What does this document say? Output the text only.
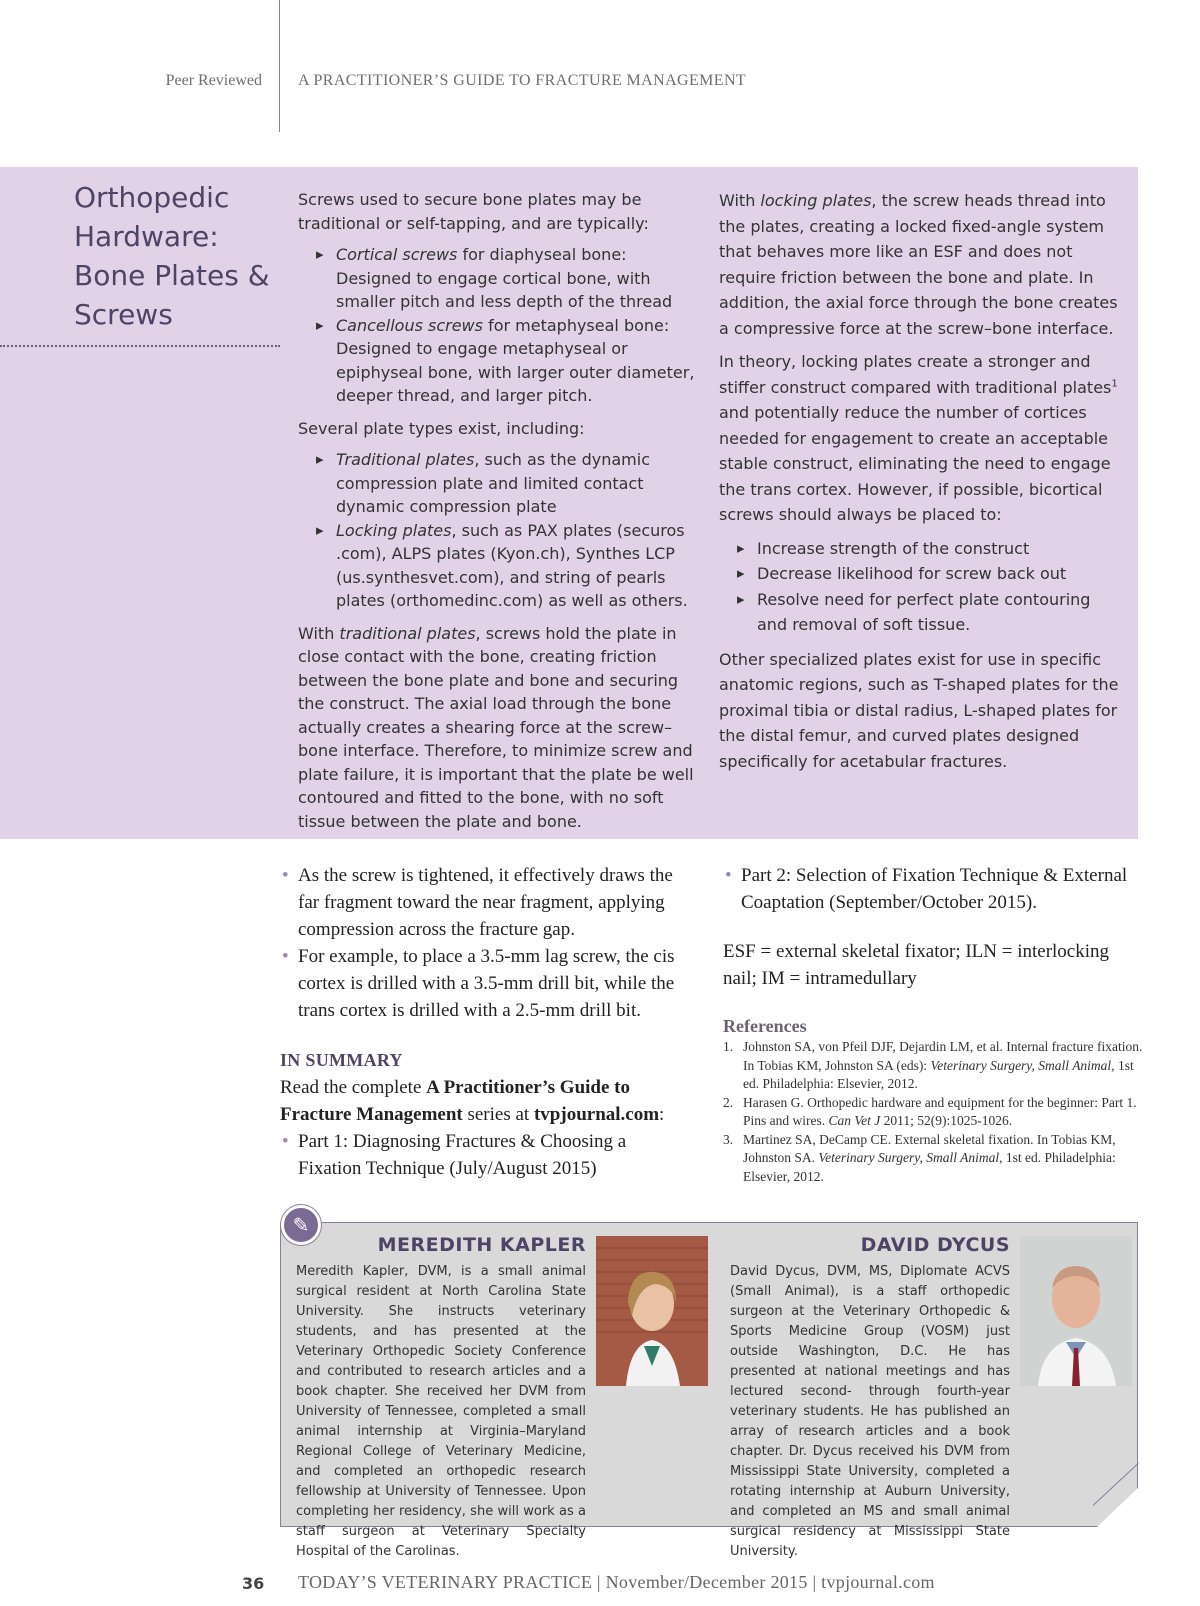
Peer Reviewed A PRACTITIONER’S GUIDE TO FRACTURE MANAGEMENT
Orthopedic Hardware: Bone Plates & Screws

Screws used to secure bone plates may be traditional or self-tapping, and are typically:

▸ Cortical screws for diaphyseal bone: Designed to engage cortical bone, with smaller pitch and less depth of the thread
▸ Cancellous screws for metaphyseal bone: Designed to engage metaphyseal or epiphyseal bone, with larger outer diameter, deeper thread, and larger pitch.

Several plate types exist, including:

▸ Traditional plates, such as the dynamic compression plate and limited contact dynamic compression plate
▸ Locking plates, such as PAX plates (securos .com), ALPS plates (Kyon.ch), Synthes LCP (us.synthesvet.com), and string of pearls plates (orthomedinc.com) as well as others.

With traditional plates, screws hold the plate in close contact with the bone, creating friction between the bone plate and bone and securing the construct. The axial load through the bone actually creates a shearing force at the screw–bone interface. Therefore, to minimize screw and plate failure, it is important that the plate be well contoured and fitted to the bone, with no soft tissue between the plate and bone.

With locking plates, the screw heads thread into the plates, creating a locked fixed-angle system that behaves more like an ESF and does not require friction between the bone and plate. In addition, the axial force through the bone creates a compressive force at the screw–bone interface.

In theory, locking plates create a stronger and stiffer construct compared with traditional plates$^1$ and potentially reduce the number of cortices needed for engagement to create an acceptable stable construct, eliminating the need to engage the trans cortex. However, if possible, bicortical screws should always be placed to:

▸ Increase strength of the construct
▸ Decrease likelihood for screw back out
▸ Resolve need for perfect plate contouring and removal of soft tissue.

Other specialized plates exist for use in specific anatomic regions, such as T-shaped plates for the proximal tibia or distal radius, L-shaped plates for the distal femur, and curved plates designed specifically for acetabular fractures.

• As the screw is tightened, it effectively draws the far fragment toward the near fragment, applying compression across the fracture gap.
• For example, to place a 3.5-mm lag screw, the cis cortex is drilled with a 3.5-mm drill bit, while the trans cortex is drilled with a 2.5-mm drill bit.
IN SUMMARY
Read the complete A Practitioner’s Guide to Fracture Management series at tvpjournal.com:
• Part 1: Diagnosing Fractures & Choosing a Fixation Technique (July/August 2015)
• Part 2: Selection of Fixation Technique & External Coaptation (September/October 2015).
ESF = external skeletal fixator; ILN = interlocking nail; IM = intramedullary
References
1. Johnston SA, von Pfeil DJF, Dejardin LM, et al. Internal fracture fixation. In Tobias KM, Johnston SA (eds): Veterinary Surgery, Small Animal, 1st ed. Philadelphia: Elsevier, 2012.
2. Harasen G. Orthopedic hardware and equipment for the beginner: Part 1. Pins and wires. Can Vet J 2011; 52(9):1025-1026.
3. Martinez SA, DeCamp CE. External skeletal fixation. In Tobias KM, Johnston SA. Veterinary Surgery, Small Animal, 1st ed. Philadelphia: Elsevier, 2012.
✎
MEREDITH KAPLER
Meredith Kapler, DVM, is a small animal surgical resident at North Carolina State University. She instructs veterinary students, and has presented at the Veterinary Orthopedic Society Conference and contributed to research articles and a book chapter. She received her DVM from University of Tennessee, completed a small animal internship at Virginia–Maryland Regional College of Veterinary Medicine, and completed an orthopedic research fellowship at University of Tennessee. Upon completing her residency, she will work as a staff surgeon at Veterinary Specialty Hospital of the Carolinas.
DAVID DYCUS
David Dycus, DVM, MS, Diplomate ACVS (Small Animal), is a staff orthopedic surgeon at the Veterinary Orthopedic & Sports Medicine Group (VOSM) just outside Washington, D.C. He has presented at national meetings and has lectured second- through fourth-year veterinary students. He has published an array of research articles and a book chapter. Dr. Dycus received his DVM from Mississippi State University, completed a rotating internship at Auburn University, and completed an MS and small animal surgical residency at Mississippi State University.
36 TODAY’S VETERINARY PRACTICE | November/December 2015 | tvpjournal.com
